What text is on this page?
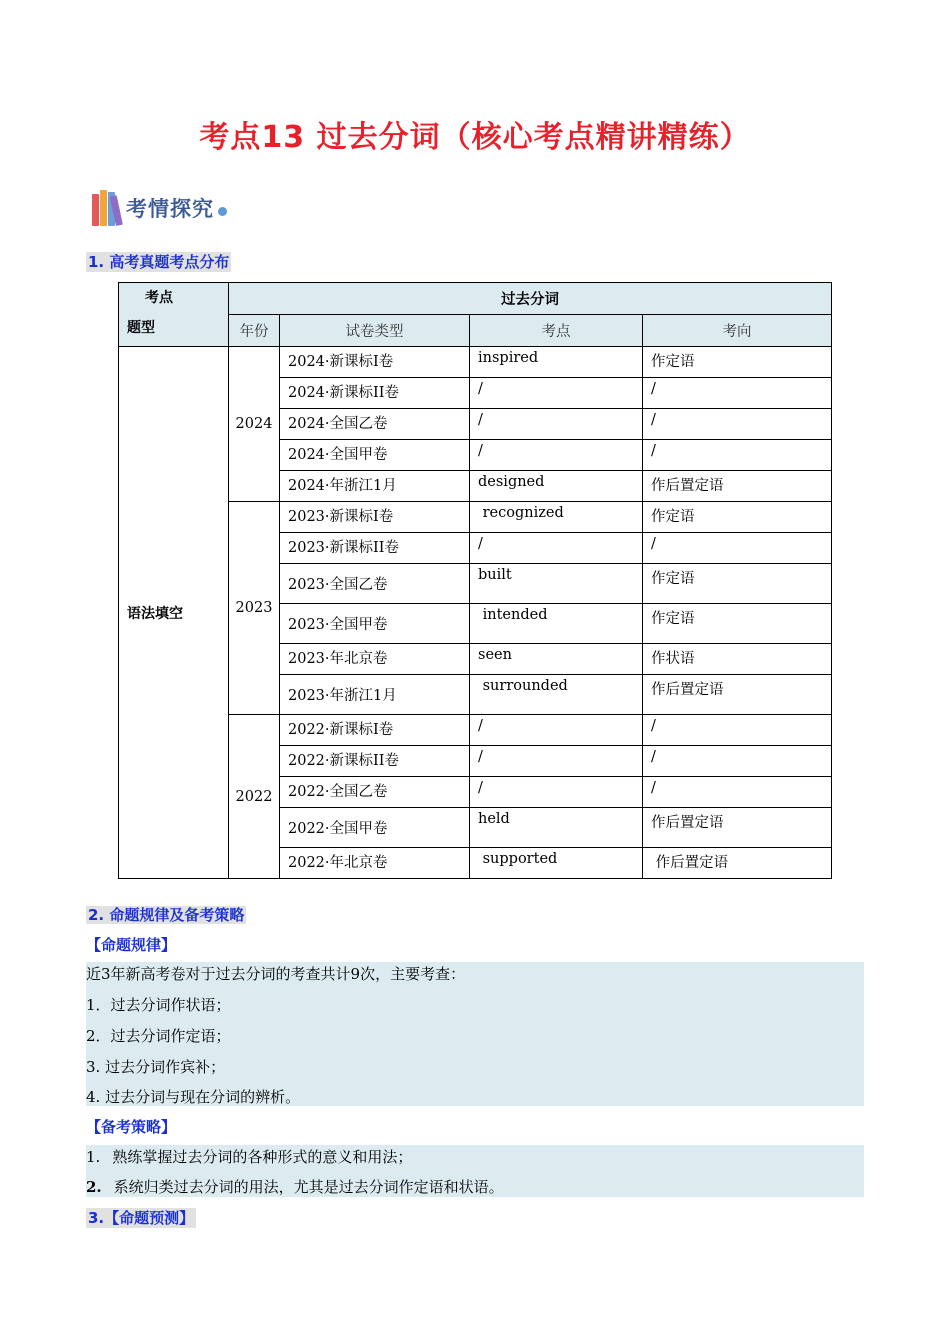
考点13 过去分词（核心考点精讲精练）
考情探究
1. 高考真题考点分布
考点
题型	过去分词			
	年份	试卷类型	考点	考向
语法填空	2024	2024·新课标I卷	inspired	作定语
		2024·新课标II卷	/	/
		2024·全国乙卷	/	/
		2024·全国甲卷	/	/
		2024·年浙江1月	designed	作后置定语
	2023	2023·新课标I卷	recognized	作定语
		2023·新课标II卷	/	/
		2023·全国乙卷	built	作定语
		2023·全国甲卷	intended	作定语
		2023·年北京卷	seen	作状语
		2023·年浙江1月	surrounded	作后置定语
	2022	2022·新课标I卷	/	/
		2022·新课标II卷	/	/
		2022·全国乙卷	/	/
		2022·全国甲卷	held	作后置定语
		2022·年北京卷	supported	作后置定语
2. 命题规律及备考策略
【命题规律】
近3年新高考卷对于过去分词的考查共计9次，主要考查：
1．过去分词作状语；
2．过去分词作定语；
3. 过去分词作宾补；
4. 过去分词与现在分词的辨析。
【备考策略】
1. 熟练掌握过去分词的各种形式的意义和用法；
2. 系统归类过去分词的用法，尤其是过去分词作定语和状语。
3.【命题预测】
